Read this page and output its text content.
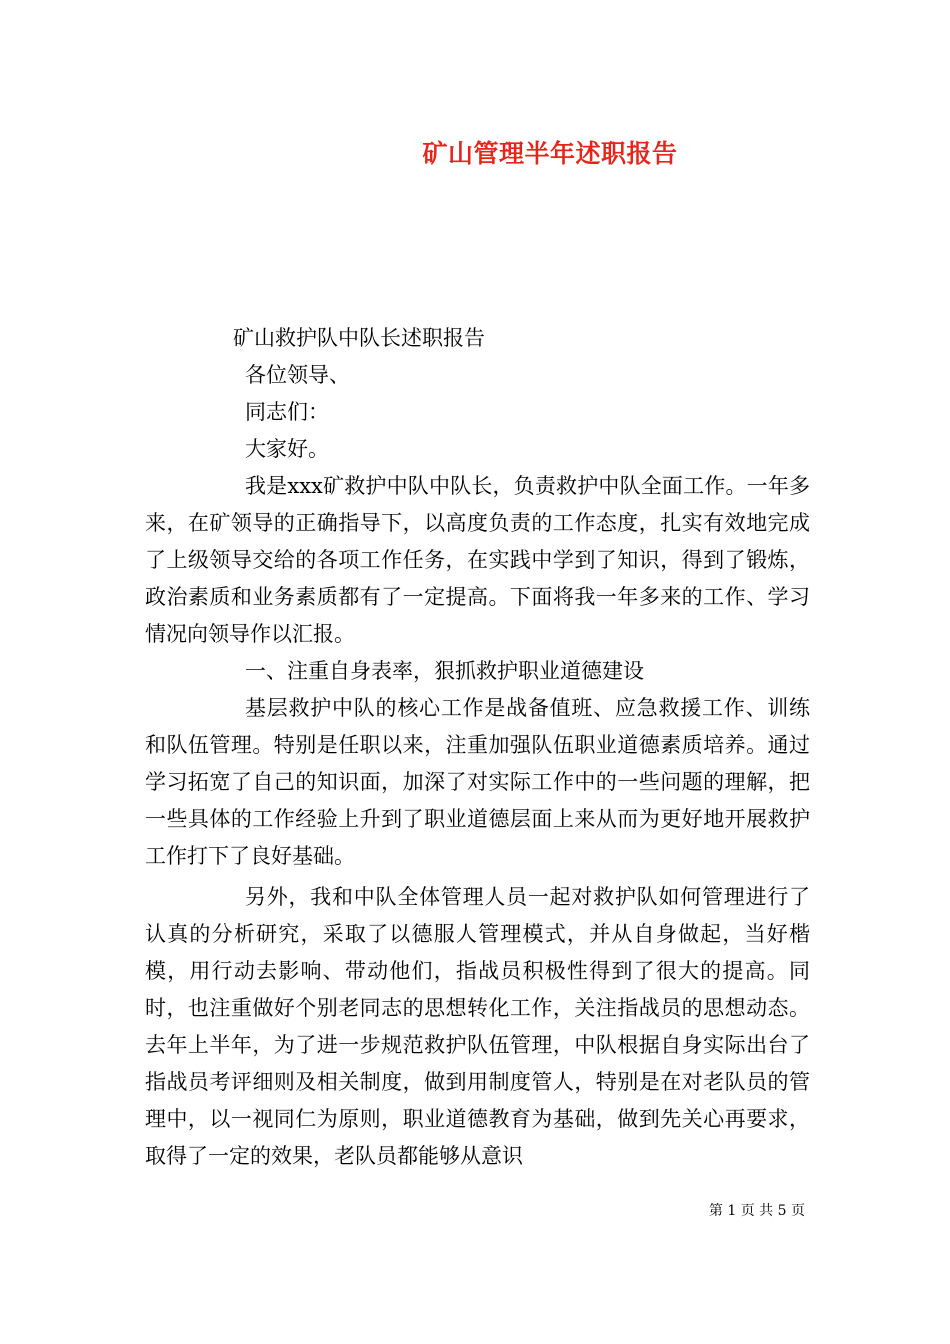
矿山管理半年述职报告
矿山救护队中队长述职报告
各位领导、
同志们：
大家好。

我是xxx矿救护中队中队长，负责救护中队全面工作。一年多来，在矿领导的正确指导下，以高度负责的工作态度，扎实有效地完成了上级领导交给的各项工作任务，在实践中学到了知识，得到了锻炼，政治素质和业务素质都有了一定提高。下面将我一年多来的工作、学习情况向领导作以汇报。

一、注重自身表率，狠抓救护职业道德建设

基层救护中队的核心工作是战备值班、应急救援工作、训练和队伍管理。特别是任职以来，注重加强队伍职业道德素质培养。通过学习拓宽了自己的知识面，加深了对实际工作中的一些问题的理解，把一些具体的工作经验上升到了职业道德层面上来从而为更好地开展救护工作打下了良好基础。

另外，我和中队全体管理人员一起对救护队如何管理进行了认真的分析研究，采取了以德服人管理模式，并从自身做起，当好楷模，用行动去影响、带动他们，指战员积极性得到了很大的提高。同时，也注重做好个别老同志的思想转化工作，关注指战员的思想动态。去年上半年，为了进一步规范救护队伍管理，中队根据自身实际出台了指战员考评细则及相关制度，做到用制度管人，特别是在对老队员的管理中，以一视同仁为原则，职业道德教育为基础，做到先关心再要求，取得了一定的效果，老队员都能够从意识

第 1 页 共 5 页
